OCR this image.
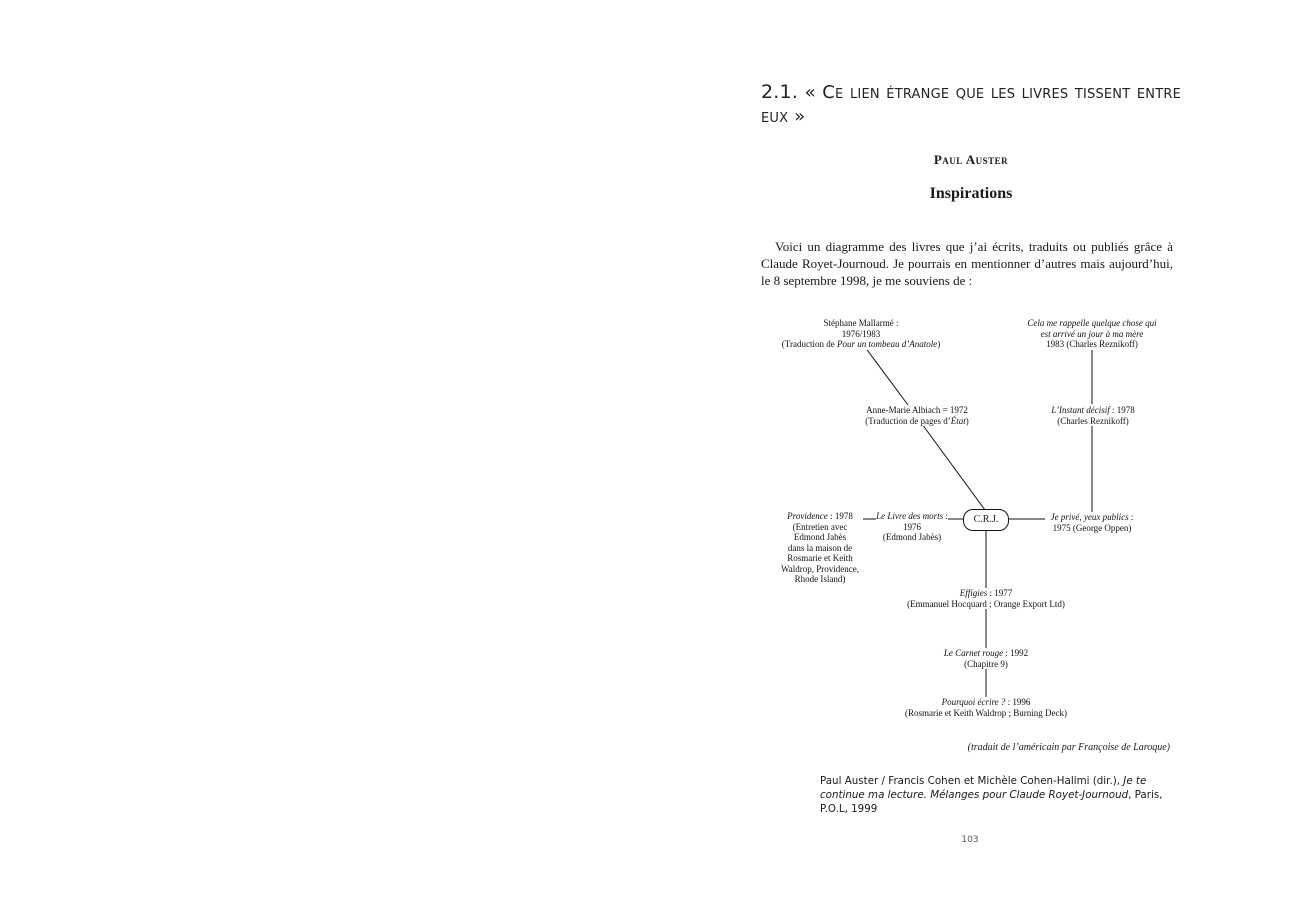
2.1. « Ce lien étrange que les livres tissent entre eux »
Paul Auster
Inspirations

Voici un diagramme des livres que j’ai écrits, traduits ou publiés grâce à Claude Royet-Journoud. Je pourrais en mentionner d’autres mais aujourd’hui, le 8 septembre 1998, je me souviens de :

Stéphane Mallarmé :
1976/1983
(Traduction de Pour un tombeau d’Anatole)
Anne-Marie Albiach = 1972
(Traduction de pages d’État)
Cela me rappelle quelque chose qui
est arrivé un jour à ma mère
1983 (Charles Reznikoff)
L’Instant décisif : 1978
(Charles Reznikoff)
C.R.J.	Je privé, yeux publics :
1975 (George Oppen)
Le Livre des morts :
1976
(Edmond Jabès)
Providence : 1978
(Entretien avec
Edmond Jabès
dans la maison de
Rosmarie et Keith
Waldrop, Providence,
Rhode Island)
Effigies : 1977
(Emmanuel Hocquard ; Orange Export Ltd)
Le Carnet rouge : 1992
(Chapitre 9)
Pourquoi écrire ? : 1996
(Rosmarie et Keith Waldrop ; Burning Deck)
(traduit de l’américain par Françoise de Laroque)
Paul Auster / Francis Cohen et Michèle Cohen-Halimi (dir.), Je te continue ma lecture. Mélanges pour Claude Royet-Journoud, Paris, P.O.L, 1999
103
